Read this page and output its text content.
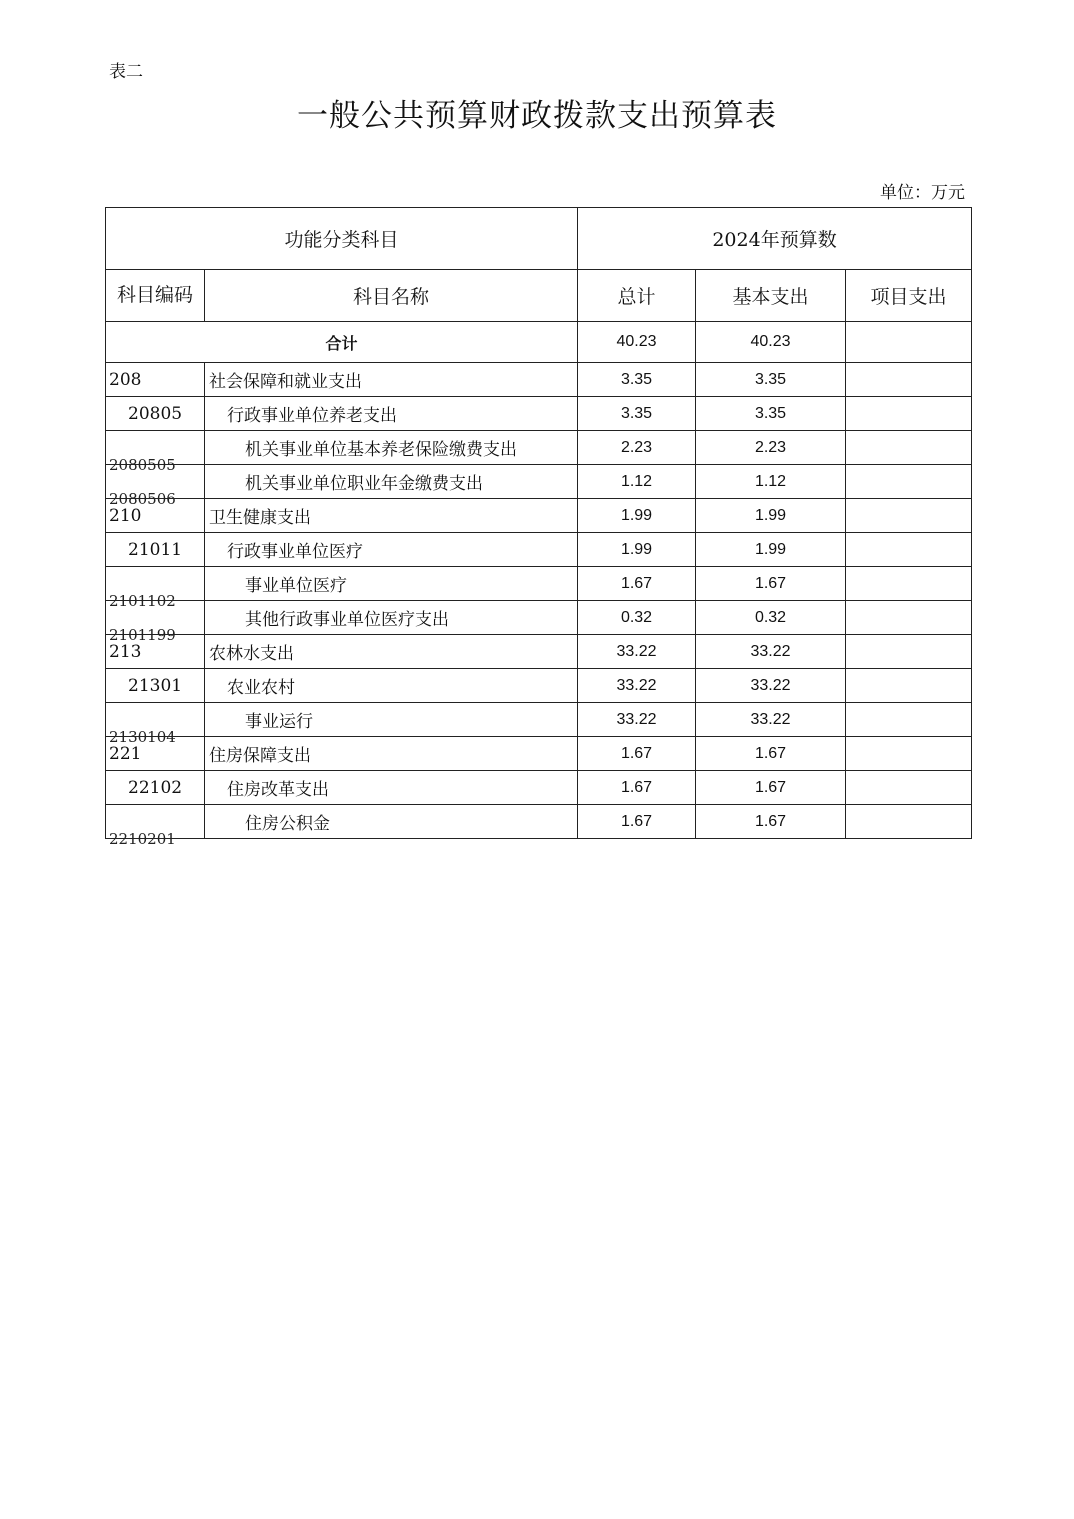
表二
一般公共预算财政拨款支出预算表
单位：万元
功能分类科目		2024年预算数		
科目编码	科目名称	总计	基本支出	项目支出
合计		40.23	40.23	
208	社会保障和就业支出	3.35	3.35	
20805	行政事业单位养老支出	3.35	3.35	
2080505	机关事业单位基本养老保险缴费支出	2.23	2.23	
2080506	机关事业单位职业年金缴费支出	1.12	1.12	
210	卫生健康支出	1.99	1.99	
21011	行政事业单位医疗	1.99	1.99	
2101102	事业单位医疗	1.67	1.67	
2101199	其他行政事业单位医疗支出	0.32	0.32	
213	农林水支出	33.22	33.22	
21301	农业农村	33.22	33.22	
2130104	事业运行	33.22	33.22	
221	住房保障支出	1.67	1.67	
22102	住房改革支出	1.67	1.67	
2210201	住房公积金	1.67	1.67	
